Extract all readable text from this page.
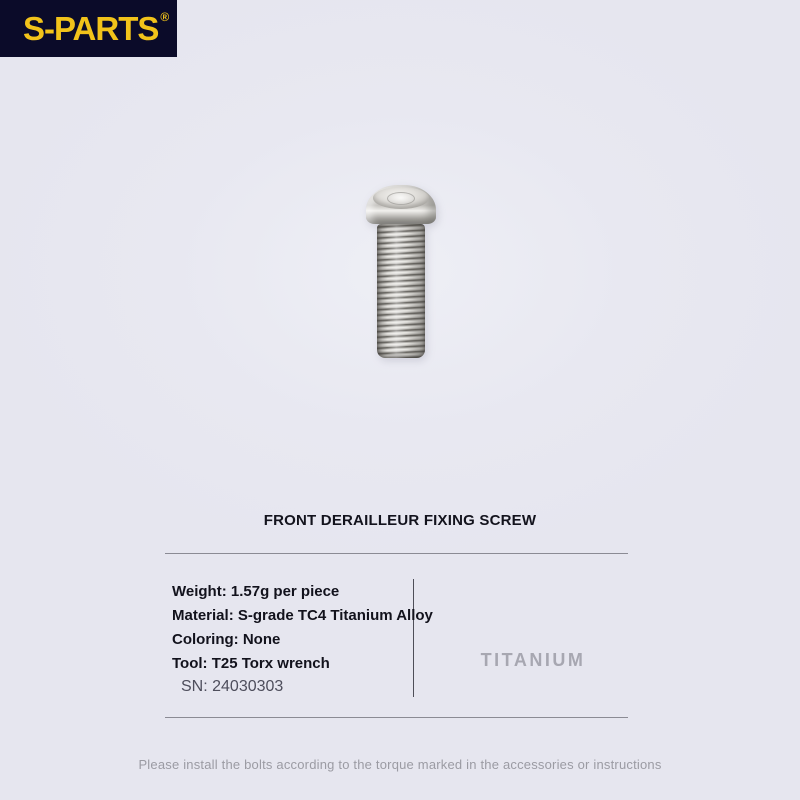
S-PARTS ®
FRONT DERAILLEUR FIXING SCREW
Weight: 1.57g per piece
Material: S-grade TC4 Titanium Alloy
Coloring: None
Tool: T25 Torx wrench
SN: 24030303
TITANIUM
Please install the bolts according to the torque marked in the accessories or instructions
